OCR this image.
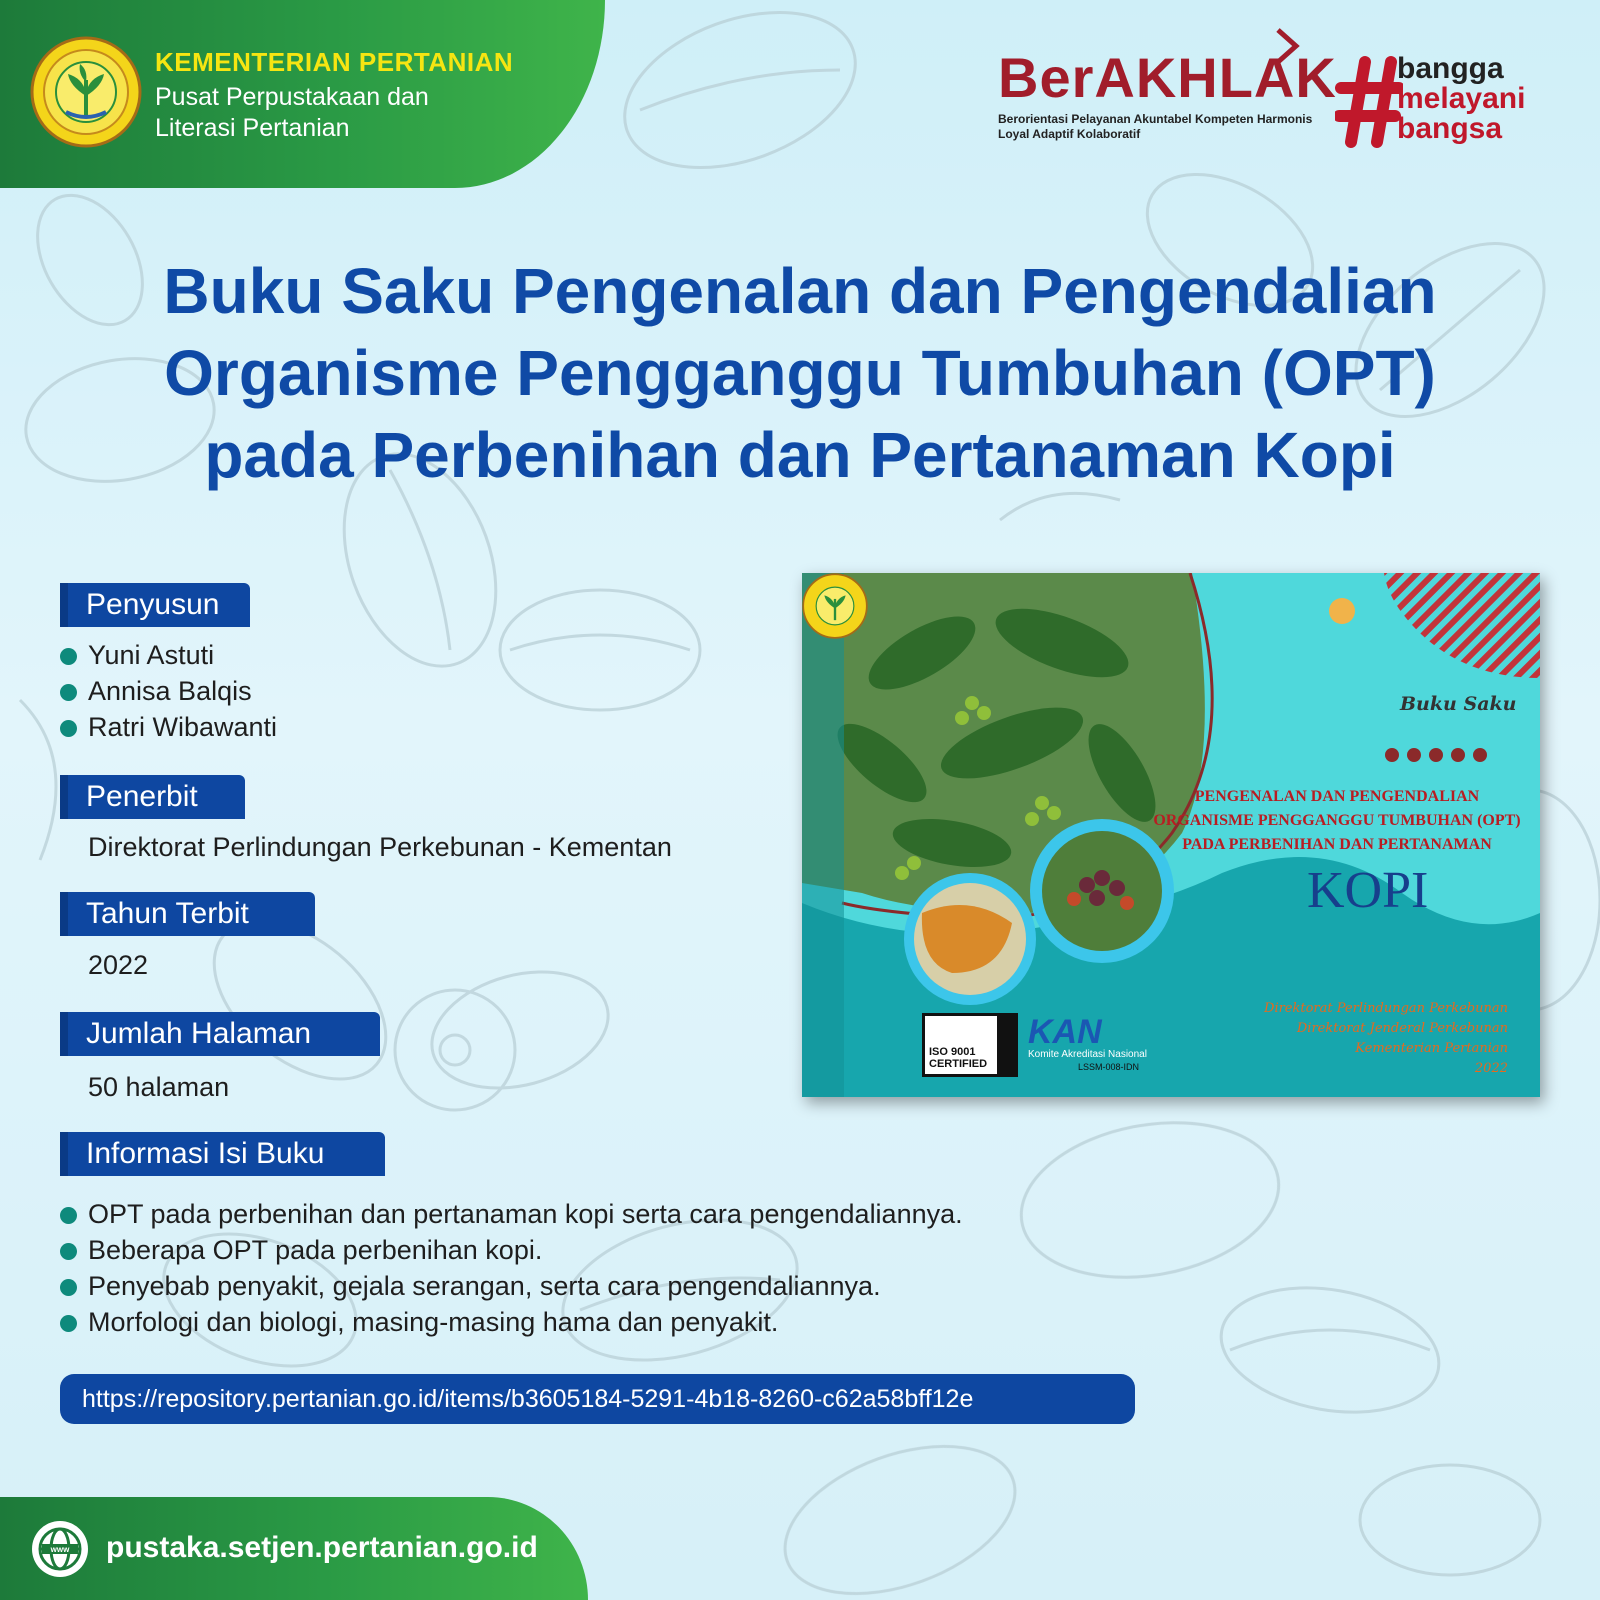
KEMENTERIAN PERTANIAN
Pusat Perpustakaan dan Literasi Pertanian
BerAKHLAK
Berorientasi Pelayanan Akuntabel Kompeten Harmonis Loyal Adaptif Kolaboratif
bangga
melayani
bangsa
Buku Saku Pengenalan dan Pengendalian
Organisme Pengganggu Tumbuhan (OPT)
pada Perbenihan dan Pertanaman Kopi
Penyusun
Yuni Astuti
Annisa Balqis
Ratri Wibawanti
Penerbit
Direktorat Perlindungan Perkebunan - Kementan
Tahun Terbit
2022
Jumlah Halaman
50 halaman
Informasi Isi Buku
OPT pada perbenihan dan pertanaman kopi serta cara pengendaliannya.
Beberapa OPT pada perbenihan kopi.
Penyebab penyakit, gejala serangan, serta cara pengendaliannya.
Morfologi dan biologi, masing-masing hama dan penyakit.
Buku Saku
PENGENALAN DAN PENGENDALIAN
ORGANISME PENGGANGGU TUMBUHAN (OPT)
PADA PERBENIHAN DAN PERTANAMAN
KOPI
ISO 9001 CERTIFIED
KAN
Komite Akreditasi Nasional
LSSM-008-IDN
Direktorat Perlindungan Perkebunan
Direktorat Jenderal Perkebunan
Kementerian Pertanian
2022
https://repository.pertanian.go.id/items/b3605184-5291-4b18-8260-c62a58bff12e
www pustaka.setjen.pertanian.go.id
